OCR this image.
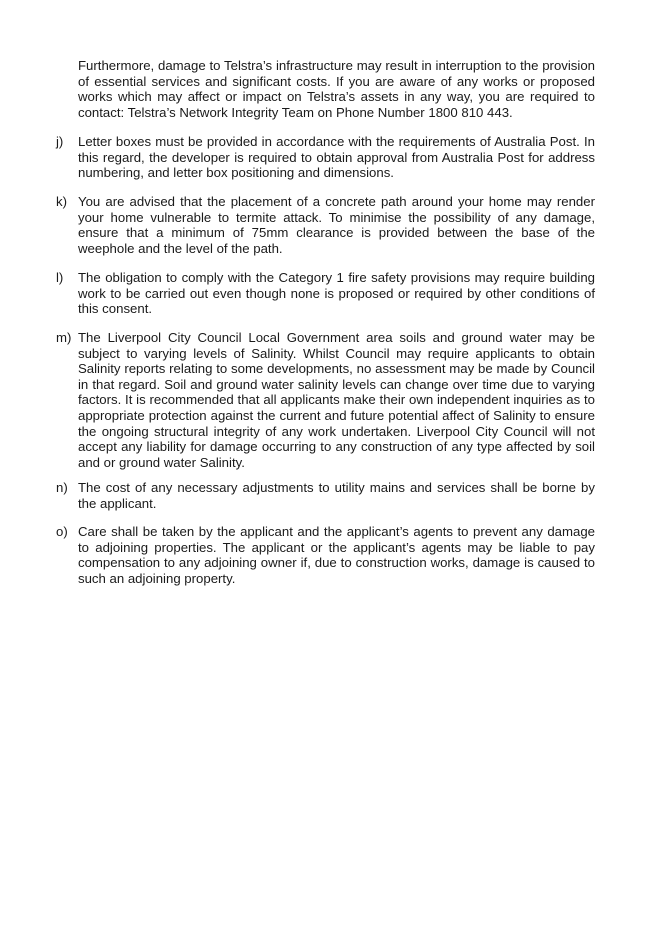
Furthermore, damage to Telstra’s infrastructure may result in interruption to the provision of essential services and significant costs. If you are aware of any works or proposed works which may affect or impact on Telstra’s assets in any way, you are required to contact: Telstra’s Network Integrity Team on Phone Number 1800 810 443.

j)	Letter boxes must be provided in accordance with the requirements of Australia Post. In this regard, the developer is required to obtain approval from Australia Post for address numbering, and letter box positioning and dimensions.

k) You are advised that the placement of a concrete path around your home may render your home vulnerable to termite attack. To minimise the possibility of any damage, ensure that a minimum of 75mm clearance is provided between the base of the weephole and the level of the path.

l)	The obligation to comply with the Category 1 fire safety provisions may require building work to be carried out even though none is proposed or required by other conditions of this consent.

m) The Liverpool City Council Local Government area soils and ground water may be subject to varying levels of Salinity. Whilst Council may require applicants to obtain Salinity reports relating to some developments, no assessment may be made by Council in that regard. Soil and ground water salinity levels can change over time due to varying factors. It is recommended that all applicants make their own independent inquiries as to appropriate protection against the current and future potential affect of Salinity to ensure the ongoing structural integrity of any work undertaken. Liverpool City Council will not accept any liability for damage occurring to any construction of any type affected by soil and or ground water Salinity.

n) The cost of any necessary adjustments to utility mains and services shall be borne by the applicant.

o) Care shall be taken by the applicant and the applicant’s agents to prevent any damage to adjoining properties. The applicant or the applicant’s agents may be liable to pay compensation to any adjoining owner if, due to construction works, damage is caused to such an adjoining property.
